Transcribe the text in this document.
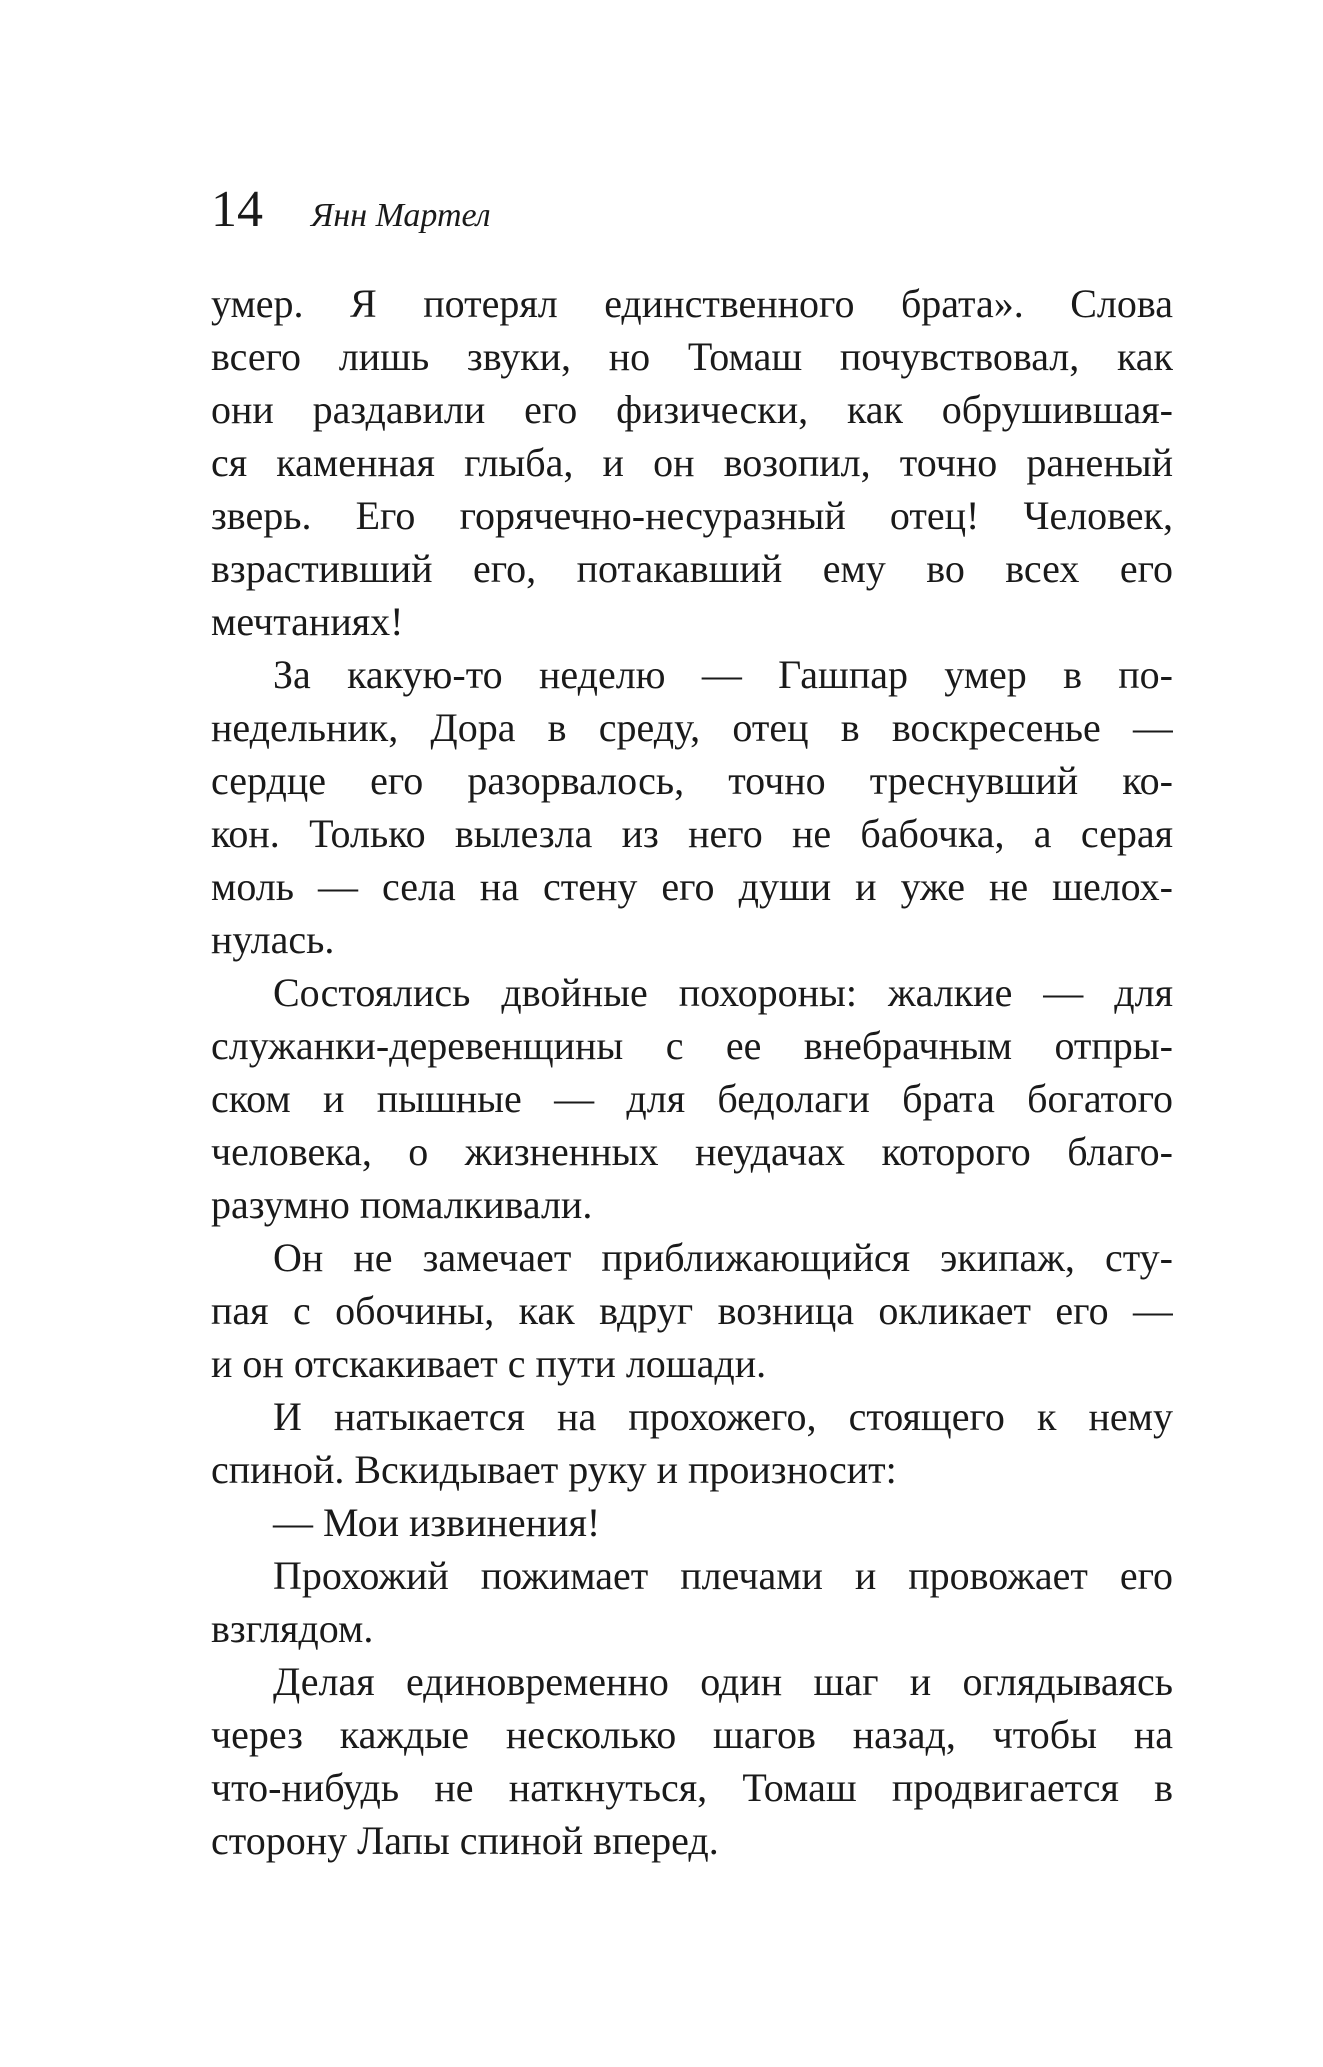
14 Янн Мартел
умер. Я потерял единственного брата». Слова
всего лишь звуки, но Томаш почувствовал, как
они раздавили его физически, как обрушившая-
ся каменная глыба, и он возопил, точно раненый
зверь. Его горячечно-несуразный отец! Человек,
взрастивший его, потакавший ему во всех его
мечтаниях!
За какую-то неделю — Гашпар умер в по-
недельник, Дора в среду, отец в воскресенье —
сердце его разорвалось, точно треснувший ко-
кон. Только вылезла из него не бабочка, а серая
моль — села на стену его души и уже не шелох-
нулась.
Состоялись двойные похороны: жалкие — для
служанки-деревенщины с ее внебрачным отпры-
ском и пышные — для бедолаги брата богатого
человека, о жизненных неудачах которого благо-
разумно помалкивали.
Он не замечает приближающийся экипаж, сту-
пая с обочины, как вдруг возница окликает его —
и он отскакивает с пути лошади.
И натыкается на прохожего, стоящего к нему
спиной. Вскидывает руку и произносит:
— Мои извинения!
Прохожий пожимает плечами и провожает его
взглядом.
Делая единовременно один шаг и оглядываясь
через каждые несколько шагов назад, чтобы на
что-нибудь не наткнуться, Томаш продвигается в
сторону Лапы спиной вперед.
